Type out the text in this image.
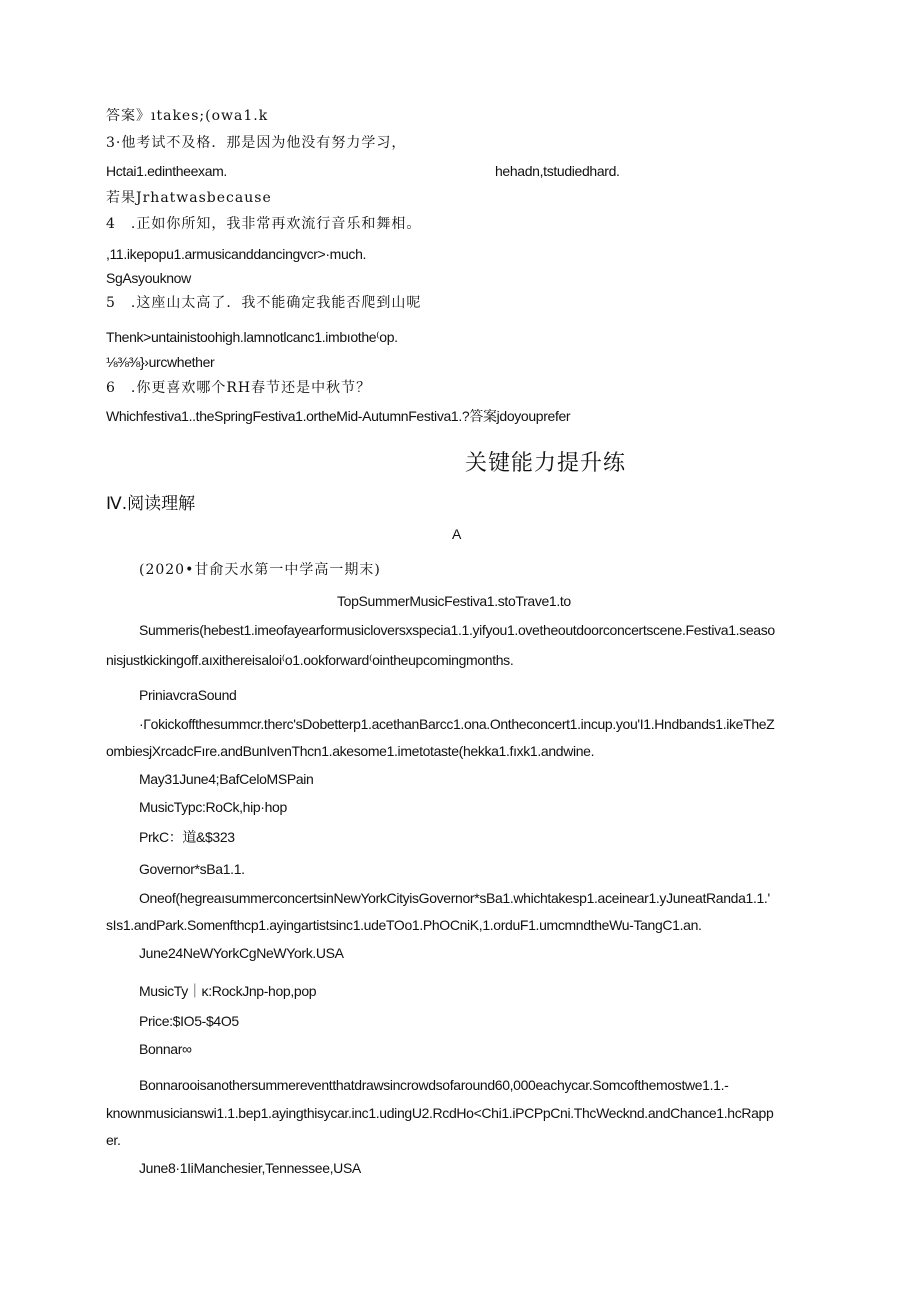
答案》ıtakes;(owa1.k
3·他考试不及格．那是因为他没有努力学习，
Hctai1.edintheexam.	hehadn,tstudiedhard.
若果Jrhatwasbecause
4　.正如你所知，我非常再欢流行音乐和舞相。
,11.ikepopu1.armusicanddancingvcr>·much.
SgAsyouknow
5　.这座山太高了．我不能确定我能否爬到山呢
Thenk>untainistoohigh.lamnotlcanc1.imbıothe⁽op.
⅛⅜⅜}›urcwhether
6　.你更喜欢哪个RH春节还是中秋节？
Whichfestiva1..theSpringFestiva1.ortheMid-AutumnFestiva1.?答案jdoyouprefer
关键能力提升练
Ⅳ.阅读理解
A
(2020•甘俞天水第一中学高一期末)
TopSummerMusicFestiva1.stoTrave1.to
Summeris(hebest1.imeofayearformusicloversxspecia1.1.yifyou1.ovetheoutdoorconcertscene.Festiva1.seaso
nisjustkickingoff.aıxithereisaloi⁽o1.ookforward⁽ointheupcomingmonths.
PriniavcraSound
·Γokickoffthesummcr.therc'sDobetterp1.acethanBarcc1.ona.Ontheconcert1.incup.you'I1.Hndbands1.ikeTheZ
ombiesjXrcadcFıre.andBunIvenThcn1.akesome1.imetotaste(hekka1.fıxk1.andwine.
May31June4;BafCeloMSPain
MusicTypc:RoCk,hip·hop
PrkC：道&$323
Governor*sBa1.1.
Oneof(hegreaısummerconcertsinNewYorkCityisGovernor*sBa1.whichtakesp1.aceinear1.yJuneatRanda1.1.'
sIs1.andPark.Somenfthcp1.ayingartistsinc1.udeTOo1.PhOCniK,1.orduF1.umcmndtheWu-TangC1.an.
June24NeWYorkCgNeWYork.USA
MusicTy｜ĸ:RockJnp-hop,pop
Price:$IO5-$4O5
Bonnar∞
Bonnarooisanothersummereventthatdrawsincrowdsofaround60,000eachycar.Somcofthemostwe1.1.-
knownmusicianswi1.1.bep1.ayingthisycar.inc1.udingU2.RcdHo<Chi1.iPCPpCni.ThcWecknd.andChance1.hcRapp
er.
June8·1IiManchesier,Tennessee,USA
